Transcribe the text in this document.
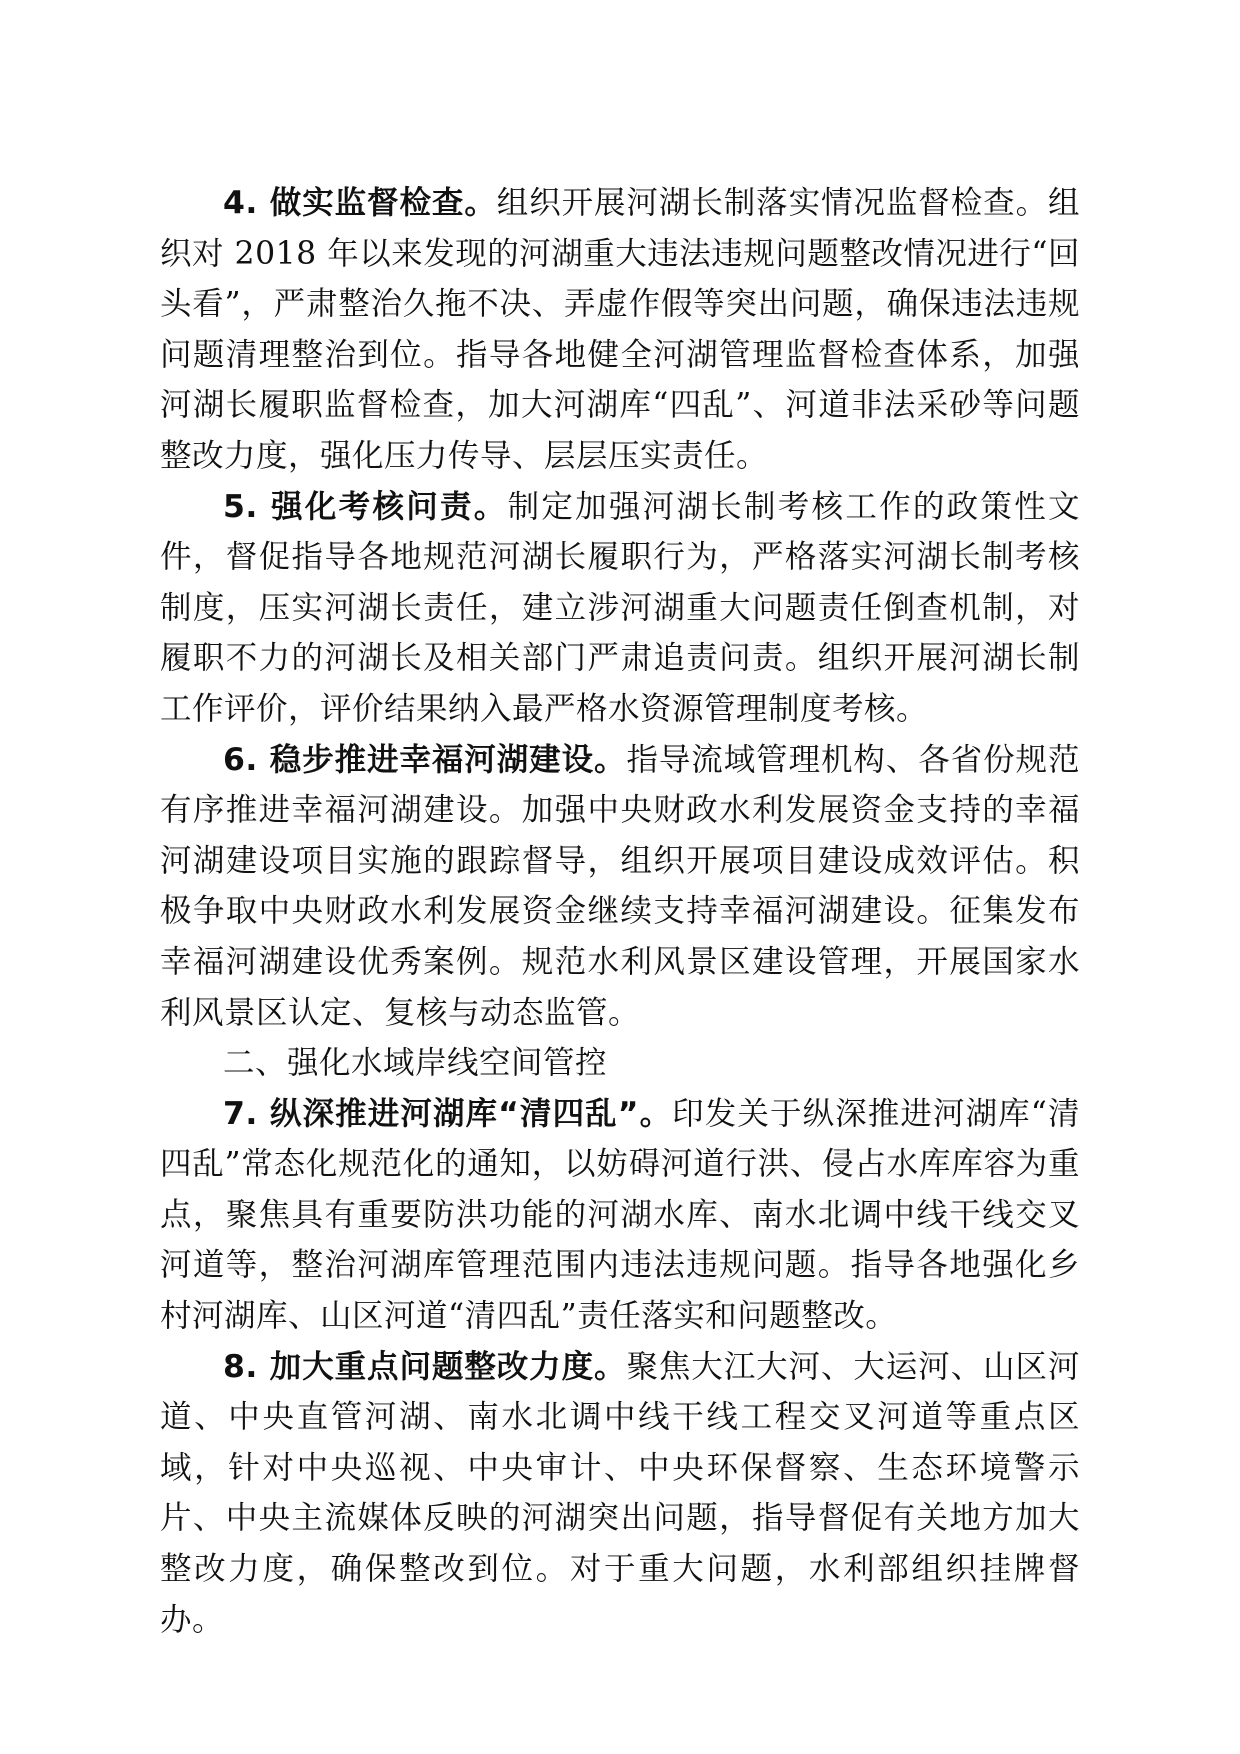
4. 做实监督检查。组织开展河湖长制落实情况监督检查。组织对 2018 年以来发现的河湖重大违法违规问题整改情况进行“回头看”，严肃整治久拖不决、弄虚作假等突出问题，确保违法违规问题清理整治到位。指导各地健全河湖管理监督检查体系，加强河湖长履职监督检查，加大河湖库“四乱”、河道非法采砂等问题整改力度，强化压力传导、层层压实责任。

5. 强化考核问责。制定加强河湖长制考核工作的政策性文件，督促指导各地规范河湖长履职行为，严格落实河湖长制考核制度，压实河湖长责任，建立涉河湖重大问题责任倒查机制，对履职不力的河湖长及相关部门严肃追责问责。组织开展河湖长制工作评价，评价结果纳入最严格水资源管理制度考核。

6. 稳步推进幸福河湖建设。指导流域管理机构、各省份规范有序推进幸福河湖建设。加强中央财政水利发展资金支持的幸福河湖建设项目实施的跟踪督导，组织开展项目建设成效评估。积极争取中央财政水利发展资金继续支持幸福河湖建设。征集发布幸福河湖建设优秀案例。规范水利风景区建设管理，开展国家水利风景区认定、复核与动态监管。

二、强化水域岸线空间管控

7. 纵深推进河湖库“清四乱”。印发关于纵深推进河湖库“清四乱”常态化规范化的通知，以妨碍河道行洪、侵占水库库容为重点，聚焦具有重要防洪功能的河湖水库、南水北调中线干线交叉河道等，整治河湖库管理范围内违法违规问题。指导各地强化乡村河湖库、山区河道“清四乱”责任落实和问题整改。

8. 加大重点问题整改力度。聚焦大江大河、大运河、山区河道、中央直管河湖、南水北调中线干线工程交叉河道等重点区域，针对中央巡视、中央审计、中央环保督察、生态环境警示片、中央主流媒体反映的河湖突出问题，指导督促有关地方加大整改力度，确保整改到位。对于重大问题，水利部组织挂牌督办。
